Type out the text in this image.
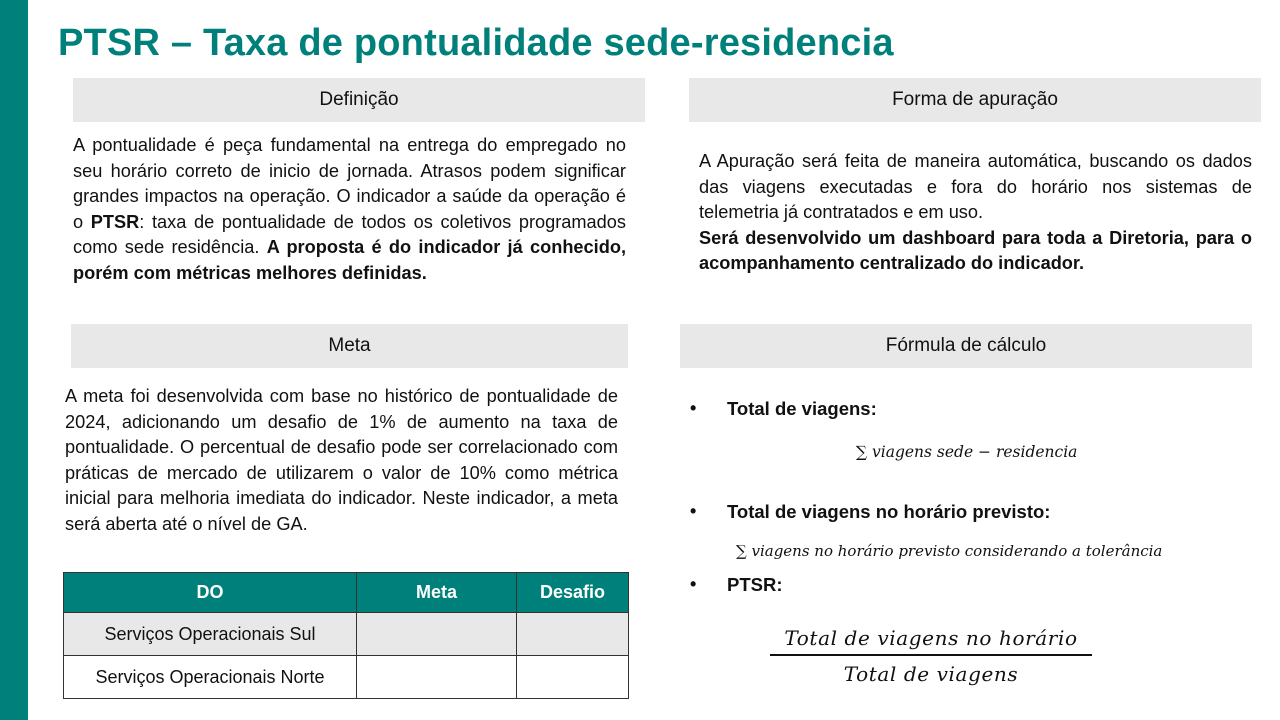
PTSR – Taxa de pontualidade sede-residencia
Definição
A pontualidade é peça fundamental na entrega do empregado no seu horário correto de inicio de jornada. Atrasos podem significar grandes impactos na operação. O indicador a saúde da operação é o PTSR: taxa de pontualidade de todos os coletivos programados como sede residência. A proposta é do indicador já conhecido, porém com métricas melhores definidas.
Forma de apuração
A Apuração será feita de maneira automática, buscando os dados das viagens executadas e fora do horário nos sistemas de telemetria já contratados e em uso.
Será desenvolvido um dashboard para toda a Diretoria, para o acompanhamento centralizado do indicador.
Meta
A meta foi desenvolvida com base no histórico de pontualidade de 2024, adicionando um desafio de 1% de aumento na taxa de pontualidade. O percentual de desafio pode ser correlacionado com práticas de mercado de utilizarem o valor de 10% como métrica inicial para melhoria imediata do indicador. Neste indicador, a meta será aberta até o nível de GA.
DO	Meta	Desafio
Serviços Operacionais Sul		
Serviços Operacionais Norte		
Fórmula de cálculo
•	Total de viagens:
∑ viagens sede − residencia
•	Total de viagens no horário previsto:
∑ viagens no horário previsto considerando a tolerância
•	PTSR:
Total de viagens no horário
Total de viagens
